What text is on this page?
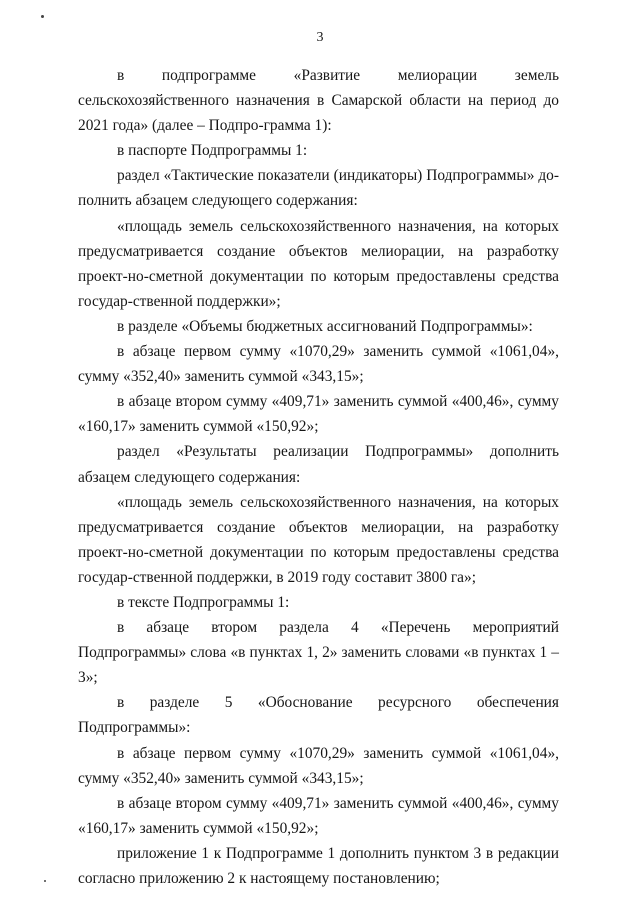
3

в подпрограмме «Развитие мелиорации земель сельскохозяйственного назначения в Самарской области на период до 2021 года» (далее – Подпро-грамма 1):

в паспорте Подпрограммы 1:

раздел «Тактические показатели (индикаторы) Подпрограммы» до-полнить абзацем следующего содержания:

«площадь земель сельскохозяйственного назначения, на которых предусматривается создание объектов мелиорации, на разработку проект-но-сметной документации по которым предоставлены средства государ-ственной поддержки»;

в разделе «Объемы бюджетных ассигнований Подпрограммы»:

в абзаце первом сумму «1070,29» заменить суммой «1061,04», сумму «352,40» заменить суммой «343,15»;

в абзаце втором сумму «409,71» заменить суммой «400,46», сумму «160,17» заменить суммой «150,92»;

раздел «Результаты реализации Подпрограммы» дополнить абзацем следующего содержания:

«площадь земель сельскохозяйственного назначения, на которых предусматривается создание объектов мелиорации, на разработку проект-но-сметной документации по которым предоставлены средства государ-ственной поддержки, в 2019 году составит 3800 га»;

в тексте Подпрограммы 1:

в абзаце втором раздела 4 «Перечень мероприятий Подпрограммы» слова «в пунктах 1, 2» заменить словами «в пунктах 1 – 3»;

в разделе 5 «Обоснование ресурсного обеспечения Подпрограммы»:

в абзаце первом сумму «1070,29» заменить суммой «1061,04», сумму «352,40» заменить суммой «343,15»;

в абзаце втором сумму «409,71» заменить суммой «400,46», сумму «160,17» заменить суммой «150,92»;

приложение 1 к Подпрограмме 1 дополнить пунктом 3 в редакции согласно приложению 2 к настоящему постановлению;
